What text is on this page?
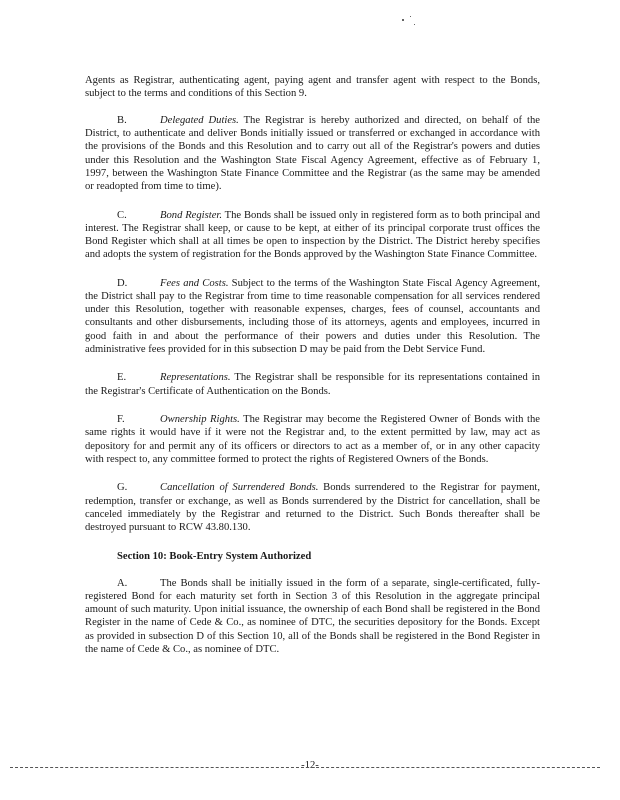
Agents as Registrar, authenticating agent, paying agent and transfer agent with respect to the Bonds, subject to the terms and conditions of this Section 9.

B.	Delegated Duties. The Registrar is hereby authorized and directed, on behalf of the District, to authenticate and deliver Bonds initially issued or transferred or exchanged in accordance with the provisions of the Bonds and this Resolution and to carry out all of the Registrar's powers and duties under this Resolution and the Washington State Fiscal Agency Agreement, effective as of February 1, 1997, between the Washington State Finance Committee and the Registrar (as the same may be amended or readopted from time to time).

C.	Bond Register. The Bonds shall be issued only in registered form as to both principal and interest. The Registrar shall keep, or cause to be kept, at either of its principal corporate trust offices the Bond Register which shall at all times be open to inspection by the District. The District hereby specifies and adopts the system of registration for the Bonds approved by the Washington State Finance Committee.

D.	Fees and Costs. Subject to the terms of the Washington State Fiscal Agency Agreement, the District shall pay to the Registrar from time to time reasonable compensation for all services rendered under this Resolution, together with reasonable expenses, charges, fees of counsel, accountants and consultants and other disbursements, including those of its attorneys, agents and employees, incurred in good faith in and about the performance of their powers and duties under this Resolution. The administrative fees provided for in this subsection D may be paid from the Debt Service Fund.

E.	Representations. The Registrar shall be responsible for its representations contained in the Registrar's Certificate of Authentication on the Bonds.

F.	Ownership Rights. The Registrar may become the Registered Owner of Bonds with the same rights it would have if it were not the Registrar and, to the extent permitted by law, may act as depository for and permit any of its officers or directors to act as a member of, or in any other capacity with respect to, any committee formed to protect the rights of Registered Owners of the Bonds.

G.	Cancellation of Surrendered Bonds. Bonds surrendered to the Registrar for payment, redemption, transfer or exchange, as well as Bonds surrendered by the District for cancellation, shall be canceled immediately by the Registrar and returned to the District. Such Bonds thereafter shall be destroyed pursuant to RCW 43.80.130.

Section 10: Book-Entry System Authorized

A.	The Bonds shall be initially issued in the form of a separate, single-certificated, fully-registered Bond for each maturity set forth in Section 3 of this Resolution in the aggregate principal amount of such maturity. Upon initial issuance, the ownership of each Bond shall be registered in the Bond Register in the name of Cede & Co., as nominee of DTC, the securities depository for the Bonds. Except as provided in subsection D of this Section 10, all of the Bonds shall be registered in the Bond Register in the name of Cede & Co., as nominee of DTC.

-12-
